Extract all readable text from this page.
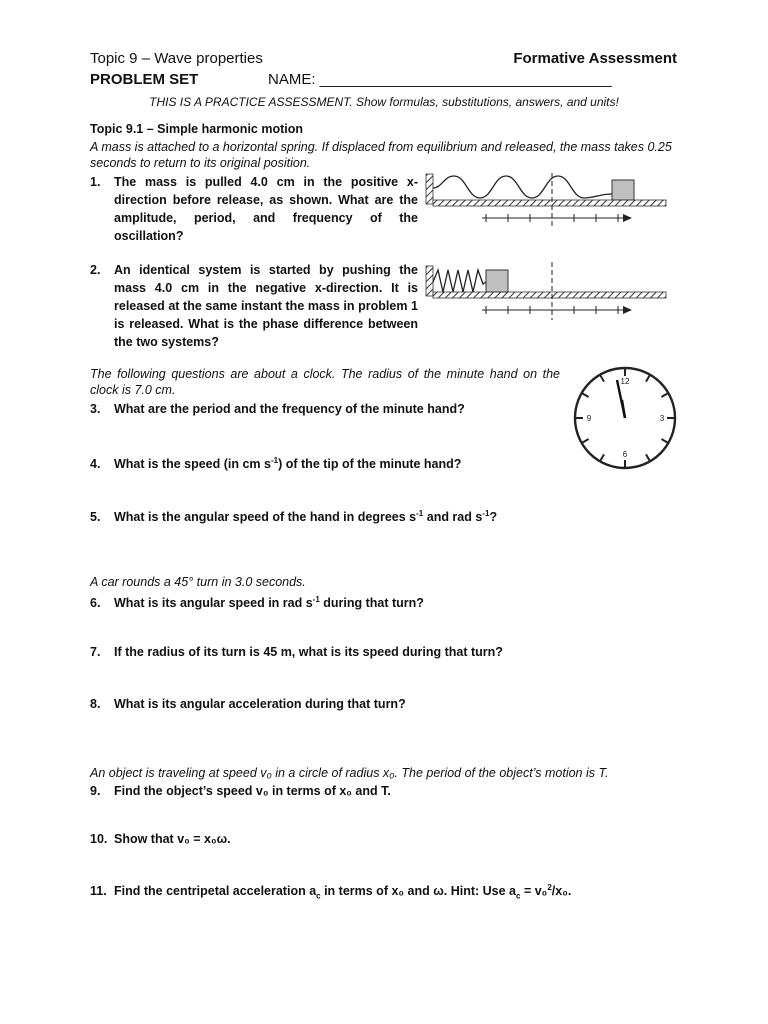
Topic 9 – Wave properties	Formative Assessment
PROBLEM SET	NAME: ___________________________________
THIS IS A PRACTICE ASSESSMENT. Show formulas, substitutions, answers, and units!
Topic 9.1 – Simple harmonic motion
A mass is attached to a horizontal spring. If displaced from equilibrium and released, the mass takes 0.25 seconds to return to its original position.
1.	The mass is pulled 4.0 cm in the positive x-direction before release, as shown. What are the amplitude, period, and frequency of the oscillation?
2.	An identical system is started by pushing the mass 4.0 cm in the negative x-direction. It is released at the same instant the mass in problem 1 is released. What is the phase difference between the two systems?
The following questions are about a clock. The radius of the minute hand on the clock is 7.0 cm.
12
3
6
9
3. What are the period and the frequency of the minute hand?
4. What is the speed (in cm $s^{-1}$) of the tip of the minute hand?
5. What is the angular speed of the hand in degrees $s^{-1}$ and rad $s^{-1}$?
A car rounds a 45° turn in 3.0 seconds.
6. What is its angular speed in rad $s^{-1}$ during that turn?
7. If the radius of its turn is 45 m, what is its speed during that turn?
8. What is its angular acceleration during that turn?
An object is traveling at speed v₀ in a circle of radius x₀. The period of the object’s motion is T.
9. Find the object’s speed v₀ in terms of x₀ and T.
10. Show that v₀ = x₀ω.
11. Find the centripetal acceleration $a_c$ in terms of x₀ and ω. Hint: Use $a_c = v_0^2/x_0$.
